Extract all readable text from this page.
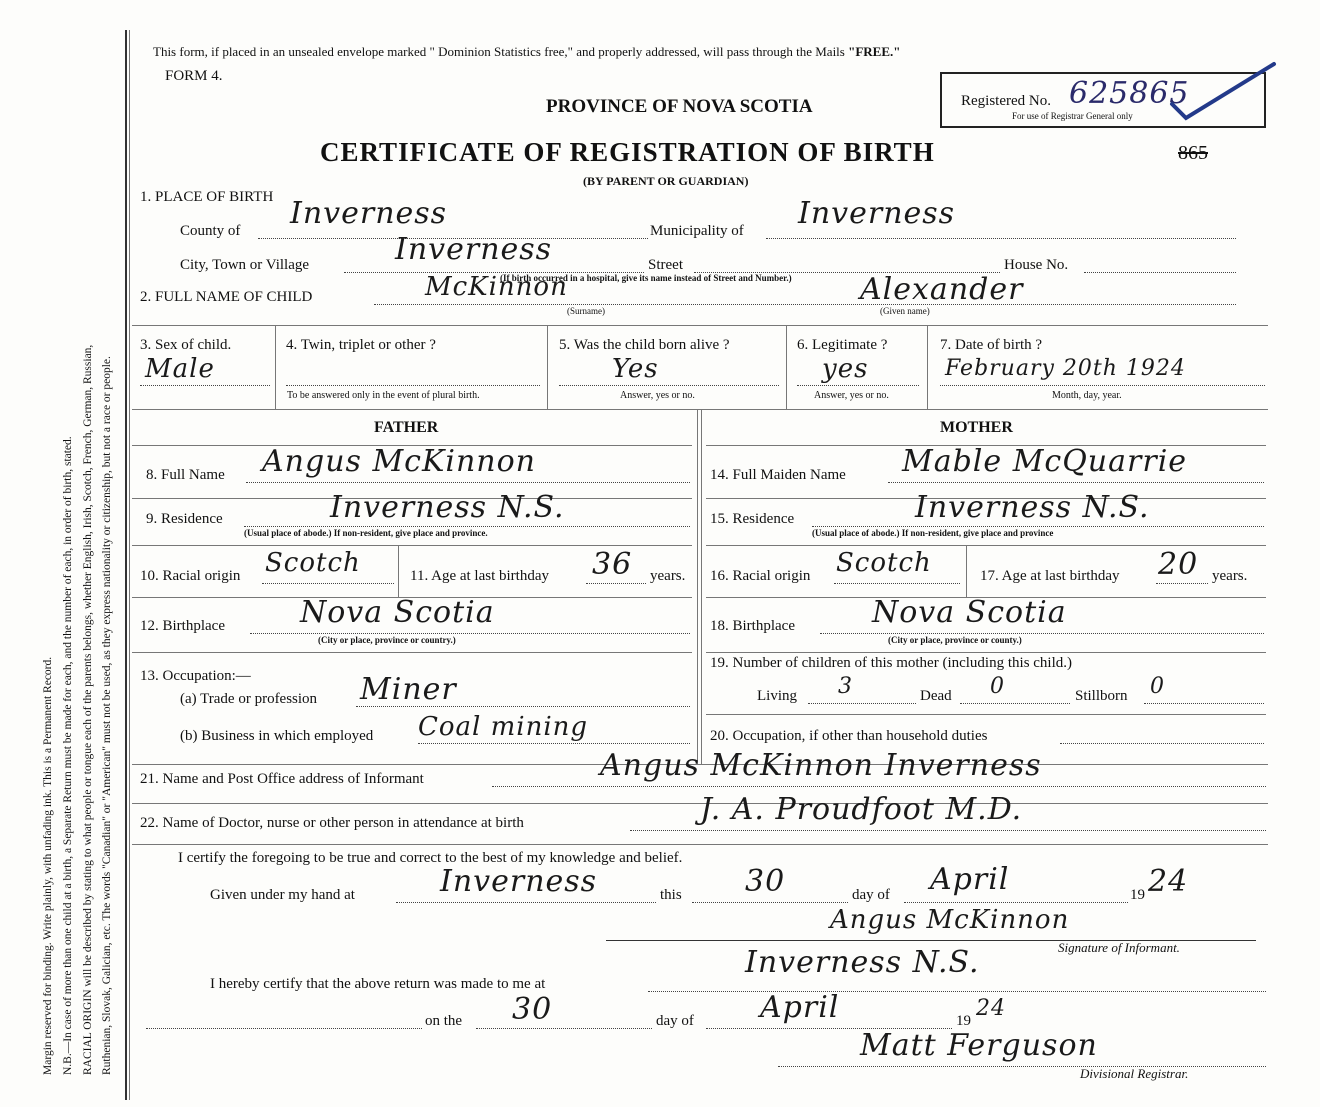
Margin reserved for binding. Write plainly, with unfading ink. This is a Permanent Record. N.B.—In case of more than one child at a birth, a Separate Return must be made for each, and the number of each, in order of birth, stated. RACIAL ORIGIN will be described by stating to what people or tongue each of the parents belongs, whether English, Irish, Scotch, French, German, Russian, Ruthenian, Slovak, Galician, etc. The words "Canadian" or "American" must not be used, as they express nationality or citizenship, but not a race or people.
This form, if placed in an unsealed envelope marked " Dominion Statistics free," and properly addressed, will pass through the Mails "FREE."
FORM 4.
PROVINCE OF NOVA SCOTIA
CERTIFICATE OF REGISTRATION OF BIRTH
(BY PARENT OR GUARDIAN)
Registered No. 625865
For use of Registrar General only
865
1. PLACE OF BIRTH
County of Inverness	Municipality of Inverness
City, Town or Village	Inverness	Street	House No.
(If birth occurred in a hospital, give its name instead of Street and Number.)
2. FULL NAME OF CHILD	McKinnon
(Surname)
Alexander
(Given name)
3. Sex of child.
Male
4. Twin, triplet or other ?
To be answered only in the event of plural birth.
5. Was the child born alive ?
Yes
Answer, yes or no.
6. Legitimate ?
yes
Answer, yes or no.
7. Date of birth ?
February 20th 1924
Month, day, year.
FATHER	MOTHER
8. Full Name Angus McKinnon
9. Residence	Inverness N.S.
(Usual place of abode.) If non-resident, give place and province.
10. Racial origin Scotch	11. Age at last birthday 36 years.
12. Birthplace	Nova Scotia
(City or place, province or country.)
13. Occupation:—
(a) Trade or profession Miner
(b) Business in which employed Coal mining
14. Full Maiden Name Mable McQuarrie
15. Residence	Inverness N.S.
(Usual place of abode.) If non-resident, give place and province
16. Racial origin Scotch	17. Age at last birthday 20 years.
18. Birthplace	Nova Scotia
(City or place, province or county.)
19. Number of children of this mother (including this child.)
Living 3	Dead 0	Stillborn 0
20. Occupation, if other than household duties
21. Name and Post Office address of Informant	Angus McKinnon Inverness
22. Name of Doctor, nurse or other person in attendance at birth	J. A. Proudfoot M.D.
I certify the foregoing to be true and correct to the best of my knowledge and belief.
Given under my hand at	Inverness	this 30	day of April	19 24
Angus McKinnon
Signature of Informant.
I hereby certify that the above return was made to me at
Inverness N.S.
on the 30	day of April	19 24
Matt Ferguson
Divisional Registrar.
